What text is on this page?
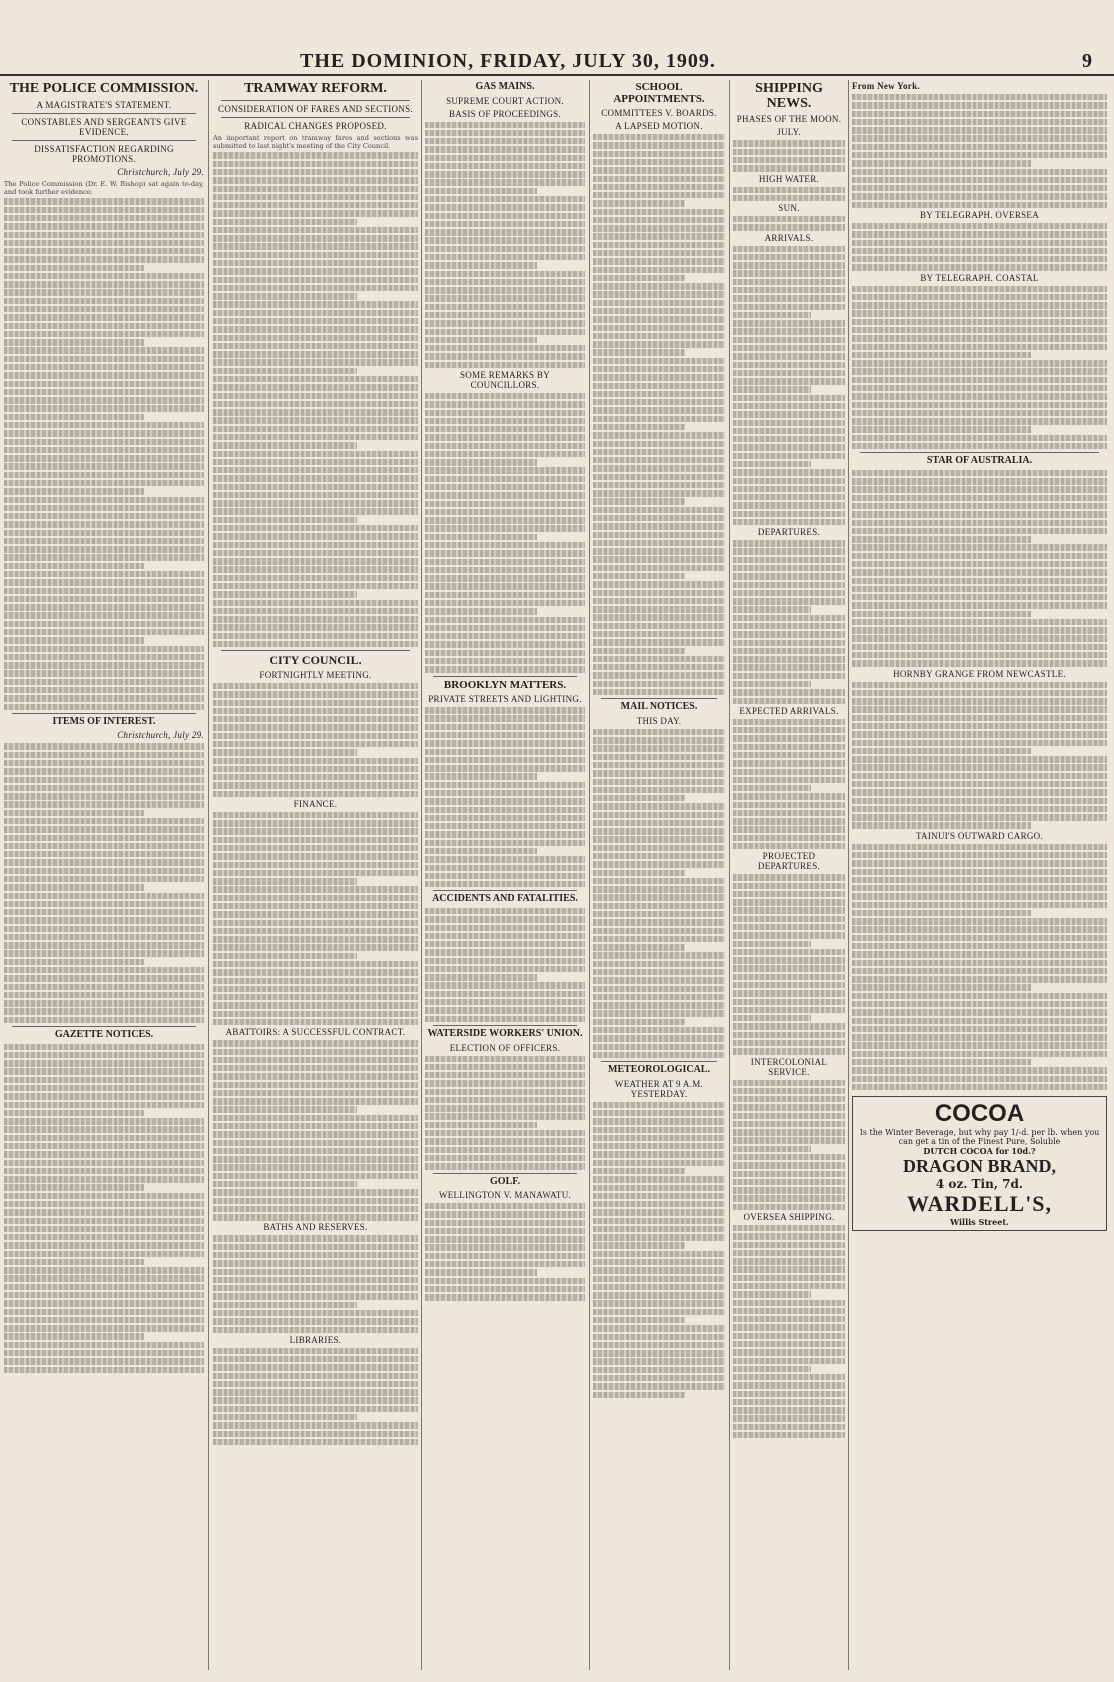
THE DOMINION, FRIDAY, JULY 30, 1909.	9
THE POLICE COMMISSION.
A MAGISTRATE'S STATEMENT.
CONSTABLES AND SERGEANTS GIVE EVIDENCE.
DISSATISFACTION REGARDING PROMOTIONS.
Christchurch, July 29.
The Police Commission (Dr. E. W. Bishop) sat again to-day, and took further evidence.
ITEMS OF INTEREST.
Christchurch, July 29.
GAZETTE NOTICES.
TRAMWAY REFORM.
CONSIDERATION OF FARES AND SECTIONS.
RADICAL CHANGES PROPOSED.
An important report on tramway fares and sections was submitted to last night's meeting of the City Council.
CITY COUNCIL.
FORTNIGHTLY MEETING.
FINANCE.
ABATTOIRS: A SUCCESSFUL CONTRACT.
BATHS AND RESERVES.
LIBRARIES.
GAS MAINS.
SUPREME COURT ACTION.
BASIS OF PROCEEDINGS.
SOME REMARKS BY COUNCILLORS.
BROOKLYN MATTERS.
PRIVATE STREETS AND LIGHTING.
ACCIDENTS AND FATALITIES.
WATERSIDE WORKERS' UNION.
ELECTION OF OFFICERS.
GOLF.
WELLINGTON V. MANAWATU.
SCHOOL APPOINTMENTS.
COMMITTEES V. BOARDS.
A LAPSED MOTION.
MAIL NOTICES.
THIS DAY.
METEOROLOGICAL.
WEATHER AT 9 A.M. YESTERDAY.
SHIPPING NEWS.
PHASES OF THE MOON.
JULY.
HIGH WATER.
SUN.
ARRIVALS.
DEPARTURES.
EXPECTED ARRIVALS.
PROJECTED DEPARTURES.
INTERCOLONIAL SERVICE.
OVERSEA SHIPPING.
From New York.
BY TELEGRAPH. OVERSEA
BY TELEGRAPH. COASTAL
STAR OF AUSTRALIA.
HORNBY GRANGE FROM NEWCASTLE.
TAINUI'S OUTWARD CARGO.
COCOA
Is the Winter Beverage, but why pay 1/-d. per lb. when you can get a tin of the Finest Pure, Soluble
DUTCH COCOA for 10d.?
DRAGON BRAND,
4 oz. Tin, 7d.
WARDELL'S,
Willis Street.
